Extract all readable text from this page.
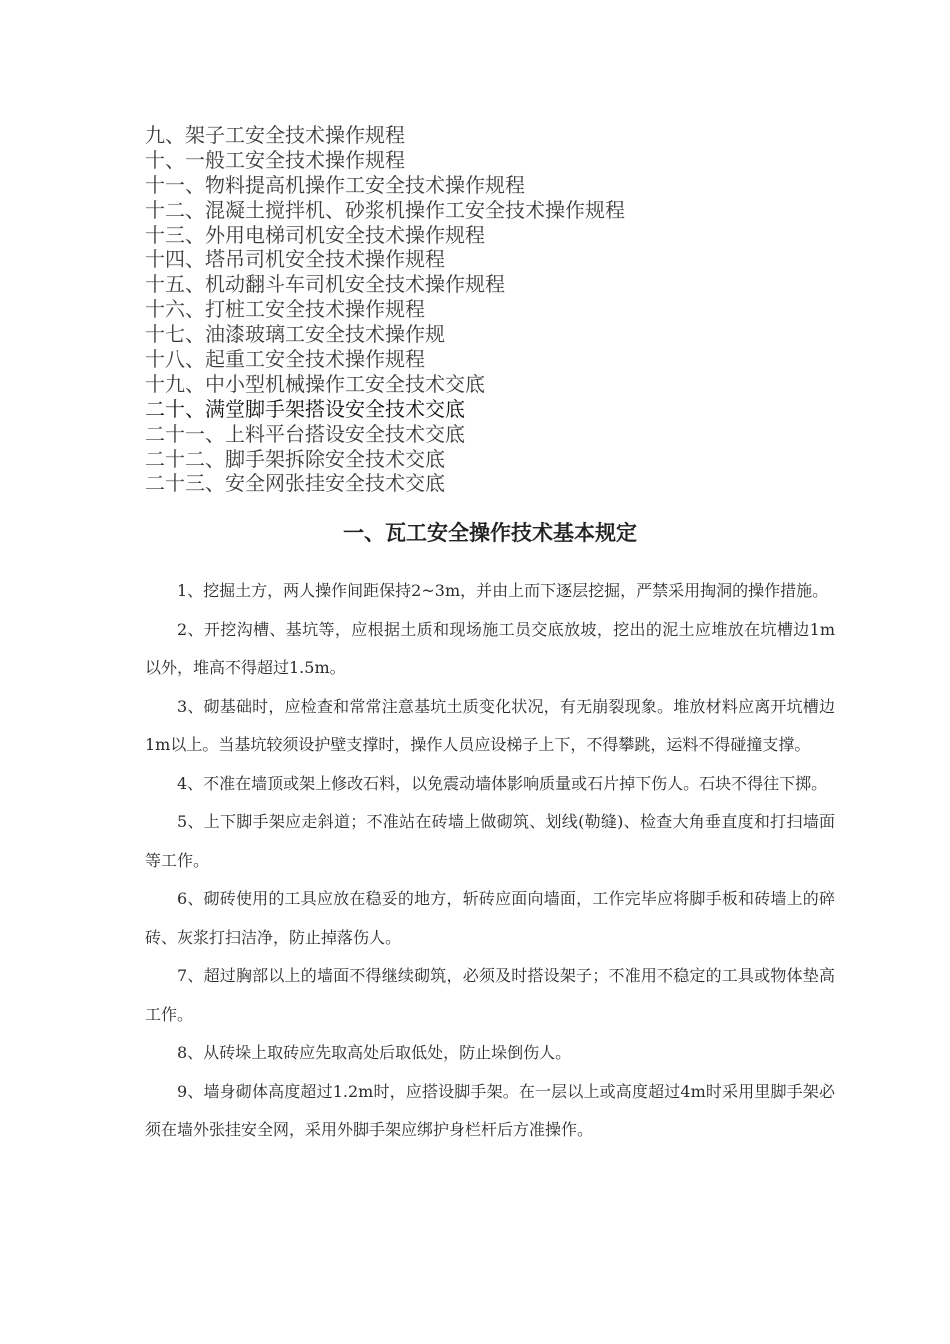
九、架子工安全技术操作规程
十、一般工安全技术操作规程
十一、物料提高机操作工安全技术操作规程
十二、混凝土搅拌机、砂浆机操作工安全技术操作规程
十三、外用电梯司机安全技术操作规程
十四、塔吊司机安全技术操作规程
十五、机动翻斗车司机安全技术操作规程
十六、打桩工安全技术操作规程
十七、油漆玻璃工安全技术操作规
十八、起重工安全技术操作规程
十九、中小型机械操作工安全技术交底
二十、满堂脚手架搭设安全技术交底
二十一、上料平台搭设安全技术交底
二十二、脚手架拆除安全技术交底
二十三、安全网张挂安全技术交底
一、瓦工安全操作技术基本规定

1、挖掘土方，两人操作间距保持2~3m，并由上而下逐层挖掘，严禁采用掏洞的操作措施。

2、开挖沟槽、基坑等，应根据土质和现场施工员交底放坡，挖出的泥土应堆放在坑槽边1m以外，堆高不得超过1.5m。

3、砌基础时，应检查和常常注意基坑土质变化状况，有无崩裂现象。堆放材料应离开坑槽边1m以上。当基坑较须设护壁支撑时，操作人员应设梯子上下，不得攀跳，运料不得碰撞支撑。

4、不准在墙顶或架上修改石料，以免震动墙体影响质量或石片掉下伤人。石块不得往下掷。

5、上下脚手架应走斜道；不准站在砖墙上做砌筑、划线(勒缝)、检查大角垂直度和打扫墙面等工作。

6、砌砖使用的工具应放在稳妥的地方，斩砖应面向墙面，工作完毕应将脚手板和砖墙上的碎砖、灰浆打扫洁净，防止掉落伤人。

7、超过胸部以上的墙面不得继续砌筑，必须及时搭设架子；不准用不稳定的工具或物体垫高工作。

8、从砖垛上取砖应先取高处后取低处，防止垛倒伤人。

9、墙身砌体高度超过1.2m时，应搭设脚手架。在一层以上或高度超过4m时采用里脚手架必须在墙外张挂安全网，采用外脚手架应绑护身栏杆后方准操作。
